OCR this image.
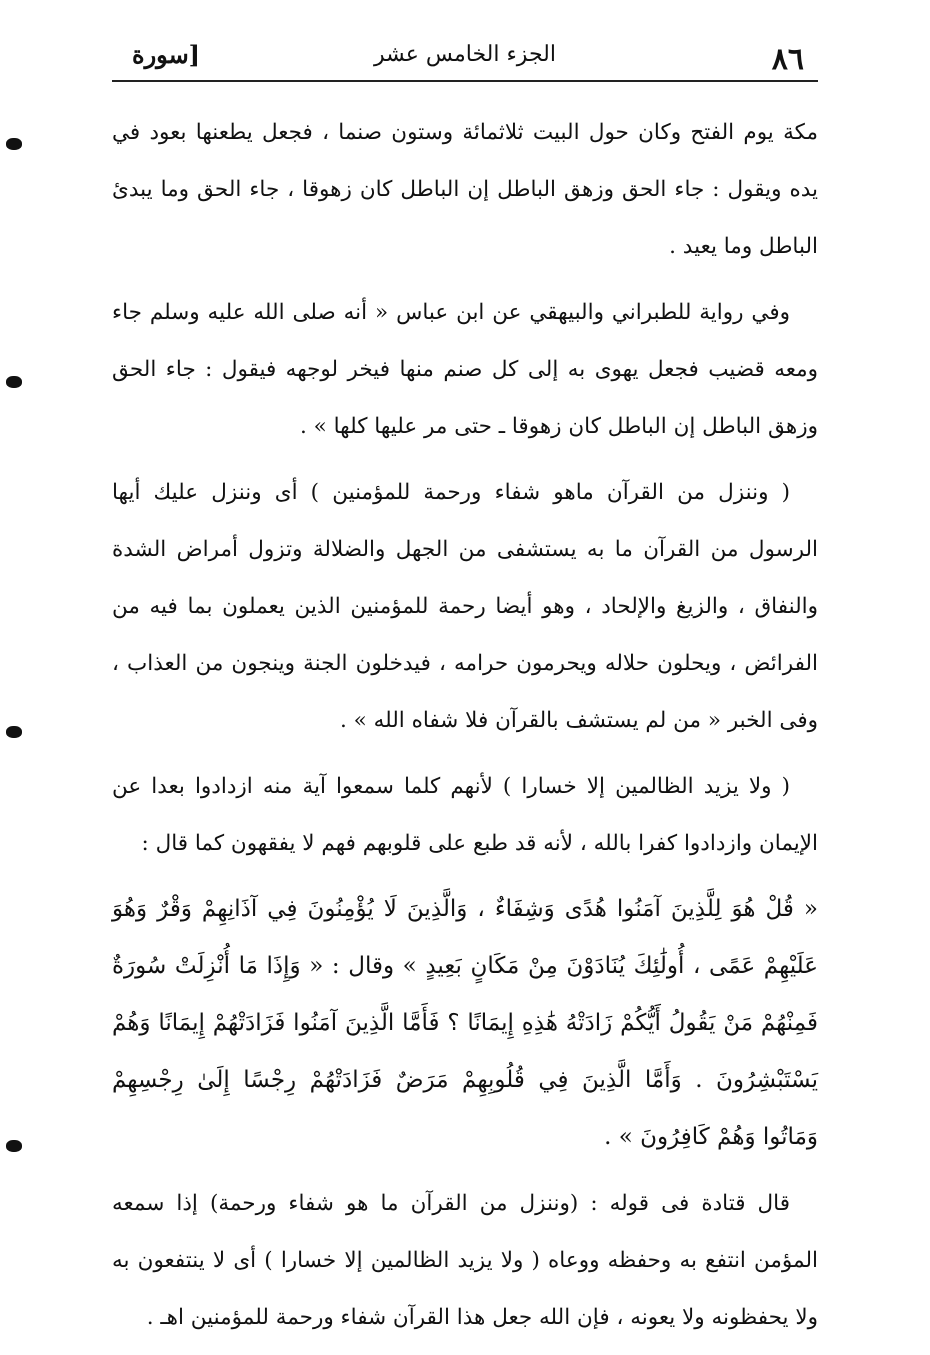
٨٦
الجزء الخامس عشر
[سورة

مكة يوم الفتح وكان حول البيت ثلاثمائة وستون صنما ، فجعل يطعنها بعود في يده ويقول : جاء الحق وزهق الباطل إن الباطل كان زهوقا ، جاء الحق وما يبدئ الباطل وما يعيد .

وفي رواية للطبراني والبيهقي عن ابن عباس « أنه صلى الله عليه وسلم جاء ومعه قضيب فجعل يهوى به إلى كل صنم منها فيخر لوجهه فيقول : جاء الحق وزهق الباطل إن الباطل كان زهوقا ـ حتى مر عليها كلها » .

( وننزل من القرآن ماهو شفاء ورحمة للمؤمنين ) أى وننزل عليك أيها الرسول من القرآن ما به يستشفى من الجهل والضلالة وتزول أمراض الشدة والنفاق ، والزيغ والإلحاد ، وهو أيضا رحمة للمؤمنين الذين يعملون بما فيه من الفرائض ، ويحلون حلاله ويحرمون حرامه ، فيدخلون الجنة وينجون من العذاب ، وفى الخبر « من لم يستشف بالقرآن فلا شفاه الله » .

( ولا يزيد الظالمين إلا خسارا ) لأنهم كلما سمعوا آية منه ازدادوا بعدا عن الإيمان وازدادوا كفرا بالله ، لأنه قد طبع على قلوبهم فهم لا يفقهون كما قال :

« قُلْ هُوَ لِلَّذِينَ آمَنُوا هُدًى وَشِفَاءٌ ، وَالَّذِينَ لَا يُؤْمِنُونَ فِي آذَانِهِمْ وَقْرٌ وَهُوَ عَلَيْهِمْ عَمًى ، أُولَٰئِكَ يُنَادَوْنَ مِنْ مَكَانٍ بَعِيدٍ » وقال : « وَإِذَا مَا أُنْزِلَتْ سُورَةٌ فَمِنْهُمْ مَنْ يَقُولُ أَيُّكُمْ زَادَتْهُ هَٰذِهِ إِيمَانًا ؟ فَأَمَّا الَّذِينَ آمَنُوا فَزَادَتْهُمْ إِيمَانًا وَهُمْ يَسْتَبْشِرُونَ . وَأَمَّا الَّذِينَ فِي قُلُوبِهِمْ مَرَضٌ فَزَادَتْهُمْ رِجْسًا إِلَىٰ رِجْسِهِمْ وَمَاتُوا وَهُمْ كَافِرُونَ » .

قال قتادة فى قوله : (وننزل من القرآن ما هو شفاء ورحمة) إذا سمعه المؤمن انتفع به وحفظه ووعاه ( ولا يزيد الظالمين إلا خسارا ) أى لا ينتفعون به ولا يحفظونه ولا يعونه ، فإن الله جعل هذا القرآن شفاء ورحمة للمؤمنين اهـ .
